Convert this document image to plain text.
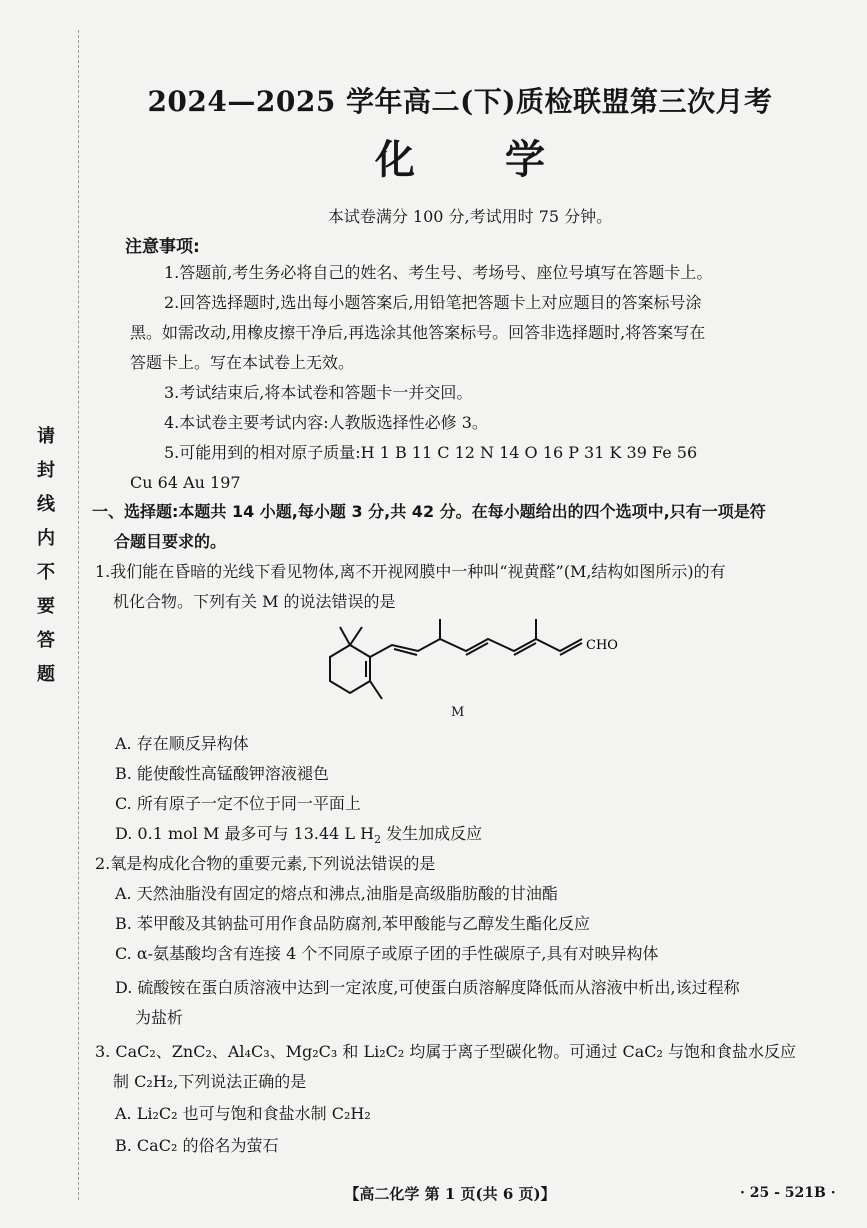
请
封
线
内
不
要
答
题
2024—2025 学年高二(下)质检联盟第三次月考
化学
本试卷满分 100 分,考试用时 75 分钟。
注意事项:

1.答题前,考生务必将自己的姓名、考生号、考场号、座位号填写在答题卡上。

2.回答选择题时,选出每小题答案后,用铅笔把答题卡上对应题目的答案标号涂

黑。如需改动,用橡皮擦干净后,再选涂其他答案标号。回答非选择题时,将答案写在

答题卡上。写在本试卷上无效。

3.考试结束后,将本试卷和答题卡一并交回。

4.本试卷主要考试内容:人教版选择性必修 3。

5.可能用到的相对原子质量:H 1 B 11 C 12 N 14 O 16 P 31 K 39 Fe 56

Cu 64 Au 197

一、选择题:本题共 14 小题,每小题 3 分,共 42 分。在每小题给出的四个选项中,只有一项是符
合题目要求的。
1.我们能在昏暗的光线下看见物体,离不开视网膜中一种叫“视黄醛”(M,结构如图所示)的有
机化合物。下列有关 M 的说法错误的是
CHO
M
A. 存在顺反异构体
B. 能使酸性高锰酸钾溶液褪色
C. 所有原子一定不位于同一平面上
D. 0.1 mol M 最多可与 13.44 L $H_2$ 发生加成反应
2.氧是构成化合物的重要元素,下列说法错误的是
A. 天然油脂没有固定的熔点和沸点,油脂是高级脂肪酸的甘油酯
B. 苯甲酸及其钠盐可用作食品防腐剂,苯甲酸能与乙醇发生酯化反应
C. α-氨基酸均含有连接 4 个不同原子或原子团的手性碳原子,具有对映异构体
D. 硫酸铵在蛋白质溶液中达到一定浓度,可使蛋白质溶解度降低而从溶液中析出,该过程称
为盐析
3. CaC₂、ZnC₂、Al₄C₃、Mg₂C₃ 和 Li₂C₂ 均属于离子型碳化物。可通过 CaC₂ 与饱和食盐水反应
制 C₂H₂,下列说法正确的是
A. Li₂C₂ 也可与饱和食盐水制 C₂H₂
B. CaC₂ 的俗名为萤石
【高二化学 第 1 页(共 6 页)】	· 25 - 521B ·
